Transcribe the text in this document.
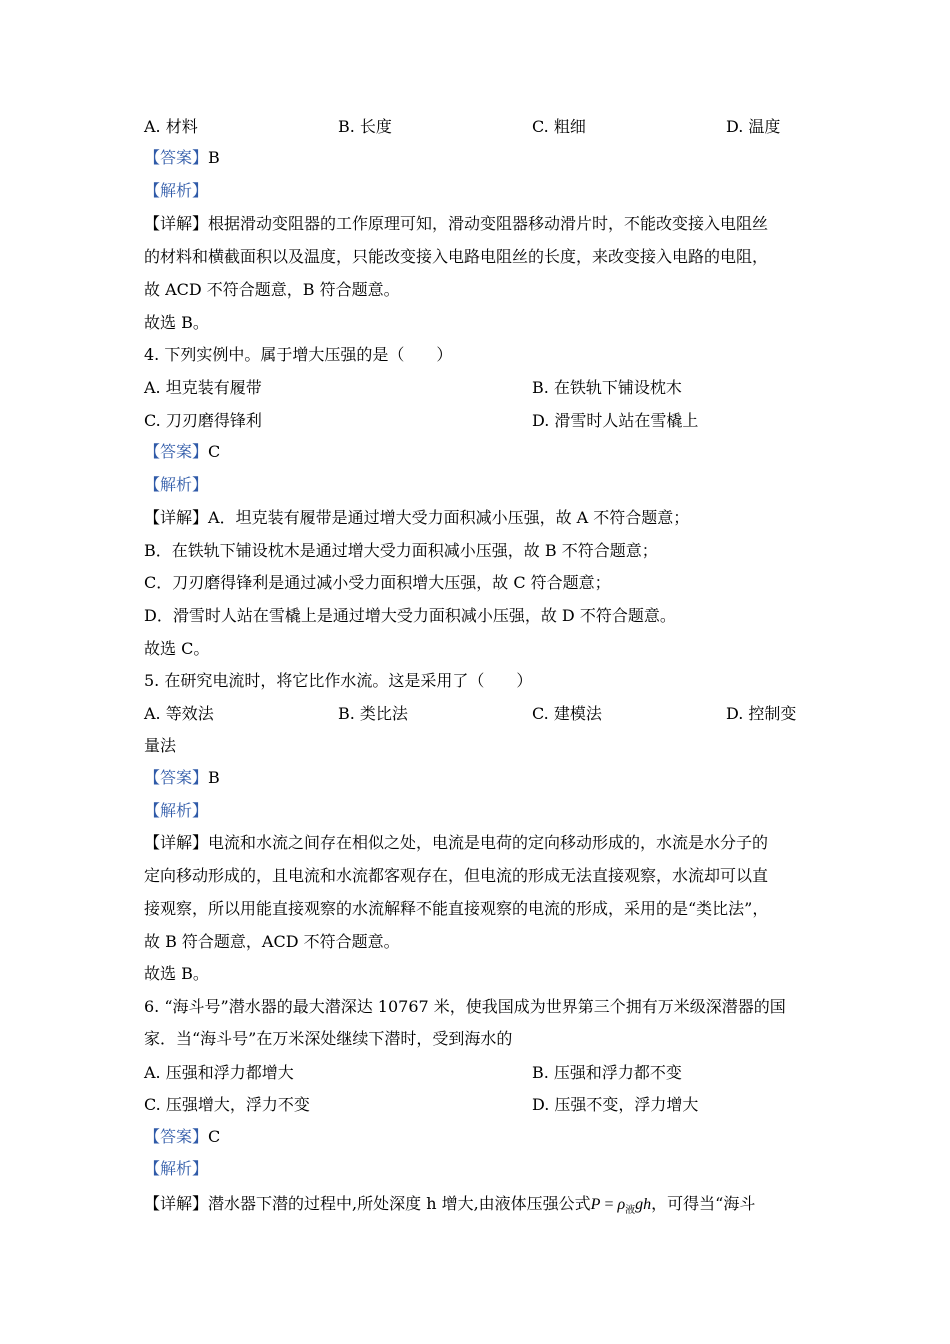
A. 材料	B. 长度	C. 粗细	D. 温度
【答案】B
【解析】
【详解】根据滑动变阻器的工作原理可知，滑动变阻器移动滑片时，不能改变接入电阻丝
的材料和横截面积以及温度，只能改变接入电路电阻丝的长度，来改变接入电路的电阻，
故 ACD 不符合题意，B 符合题意。
故选 B。
4. 下列实例中。属于增大压强的是（　　）
A. 坦克装有履带	B. 在铁轨下铺设枕木
C. 刀刃磨得锋利	D. 滑雪时人站在雪橇上
【答案】C
【解析】
【详解】A．坦克装有履带是通过增大受力面积减小压强，故 A 不符合题意；
B．在铁轨下铺设枕木是通过增大受力面积减小压强，故 B 不符合题意；
C．刀刃磨得锋利是通过减小受力面积增大压强，故 C 符合题意；
D．滑雪时人站在雪橇上是通过增大受力面积减小压强，故 D 不符合题意。
故选 C。
5. 在研究电流时，将它比作水流。这是采用了（　　）
A. 等效法	B. 类比法	C. 建模法	D. 控制变
量法
【答案】B
【解析】
【详解】电流和水流之间存在相似之处，电流是电荷的定向移动形成的，水流是水分子的
定向移动形成的，且电流和水流都客观存在，但电流的形成无法直接观察，水流却可以直
接观察，所以用能直接观察的水流解释不能直接观察的电流的形成，采用的是“类比法”，
故 B 符合题意，ACD 不符合题意。
故选 B。
6. “海斗号”潜水器的最大潜深达 10767 米，使我国成为世界第三个拥有万米级深潜器的国
家．当“海斗号”在万米深处继续下潜时，受到海水的
A. 压强和浮力都增大	B. 压强和浮力都不变
C. 压强增大，浮力不变	D. 压强不变，浮力增大
【答案】C
【解析】
【详解】潜水器下潜的过程中,所处深度 h 增大,由液体压强公式$P = \rho_液gh$，可得当“海斗
